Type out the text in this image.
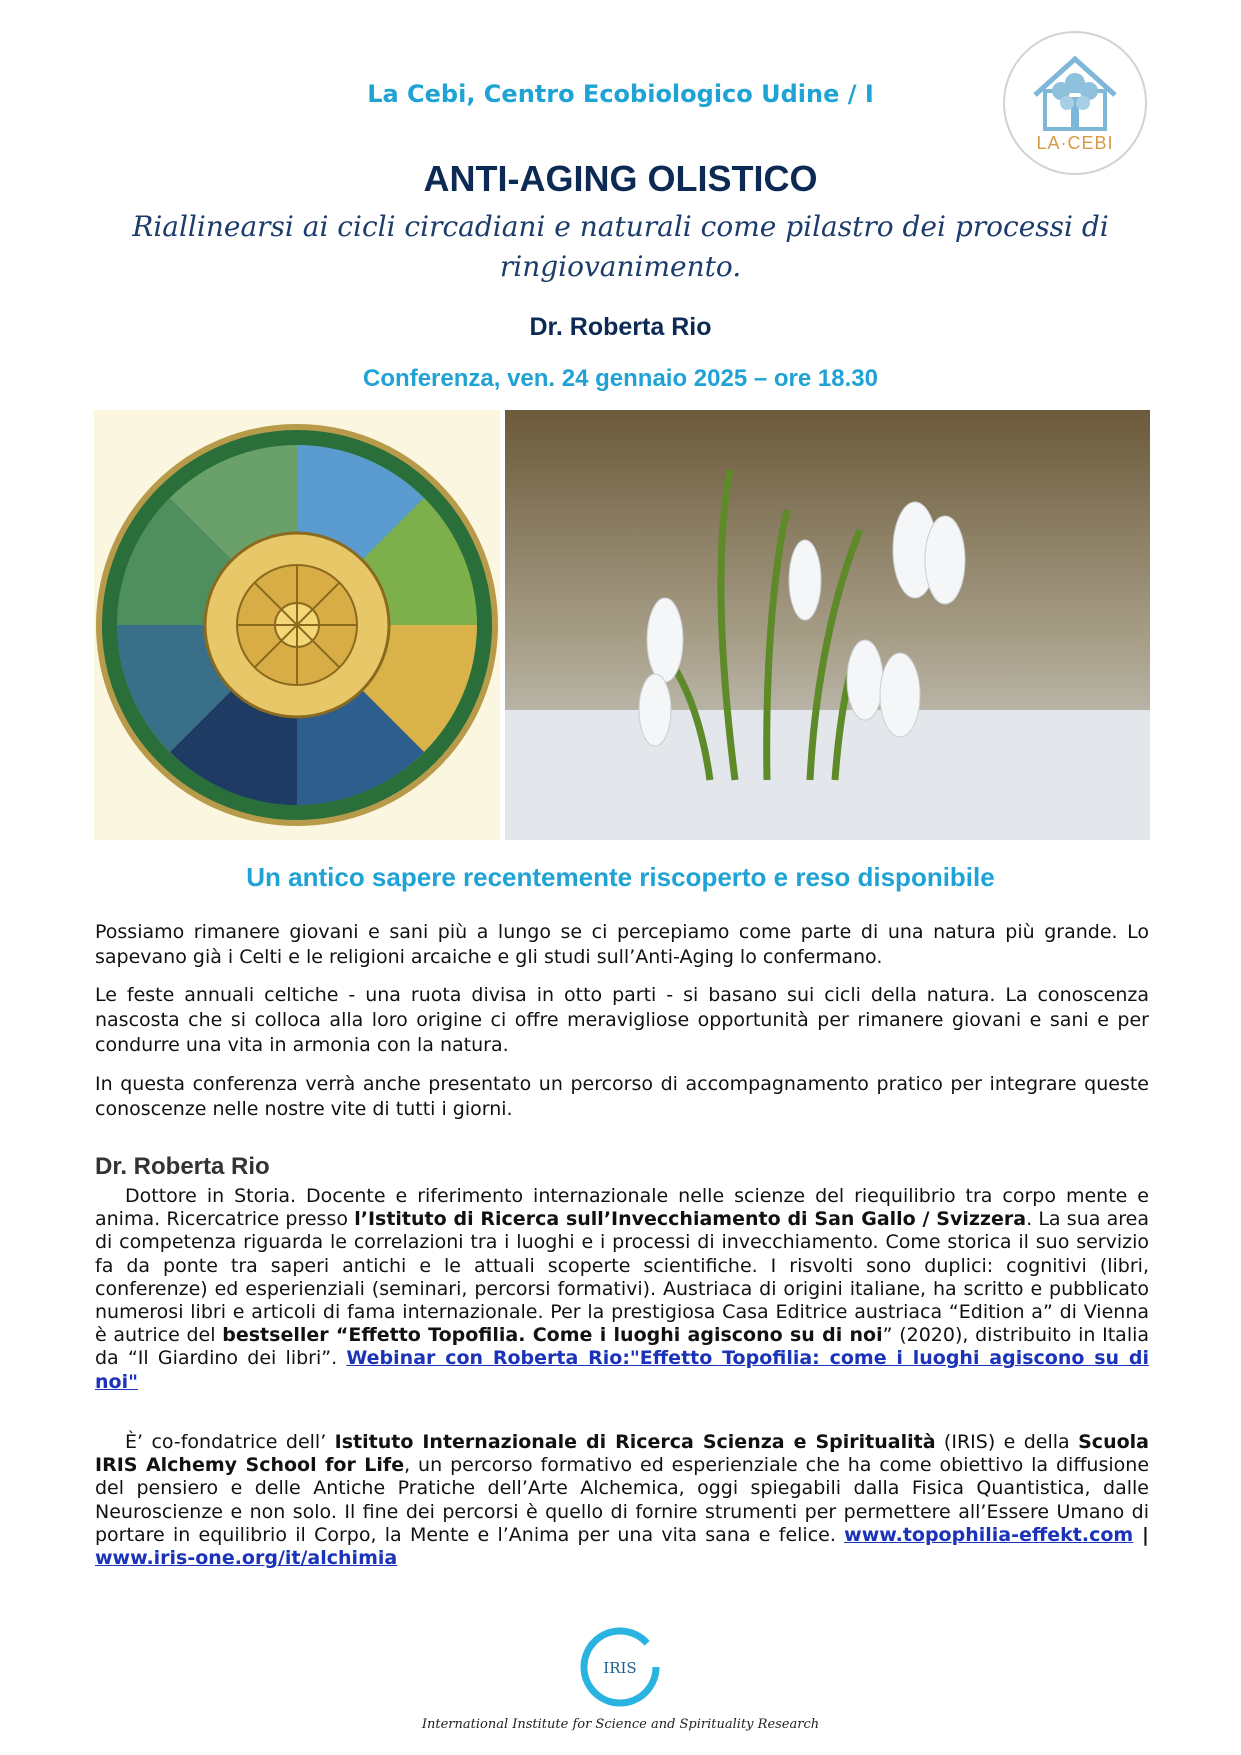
La Cebi, Centro Ecobiologico Udine / I
LA·CEBI
ANTI-AGING OLISTICO
Riallinearsi ai cicli circadiani e naturali come pilastro dei processi di ringiovanimento.
Dr. Roberta Rio
Conferenza, ven. 24 gennaio 2025 – ore 18.30
Un antico sapere recentemente riscoperto e reso disponibile

Possiamo rimanere giovani e sani più a lungo se ci percepiamo come parte di una natura più grande. Lo sapevano già i Celti e le religioni arcaiche e gli studi sull’Anti-Aging lo confermano.

Le feste annuali celtiche - una ruota divisa in otto parti - si basano sui cicli della natura. La conoscenza nascosta che si colloca alla loro origine ci offre meravigliose opportunità per rimanere giovani e sani e per condurre una vita in armonia con la natura.

In questa conferenza verrà anche presentato un percorso di accompagnamento pratico per integrare queste conoscenze nelle nostre vite di tutti i giorni.

Dr. Roberta Rio

Dottore in Storia. Docente e riferimento internazionale nelle scienze del riequilibrio tra corpo mente e anima. Ricercatrice presso l’Istituto di Ricerca sull’Invecchiamento di San Gallo / Svizzera. La sua area di competenza riguarda le correlazioni tra i luoghi e i processi di invecchiamento. Come storica il suo servizio fa da ponte tra saperi antichi e le attuali scoperte scientifiche. I risvolti sono duplici: cognitivi (libri, conferenze) ed esperienziali (seminari, percorsi formativi). Austriaca di origini italiane, ha scritto e pubblicato numerosi libri e articoli di fama internazionale. Per la prestigiosa Casa Editrice austriaca “Edition a” di Vienna è autrice del bestseller “Effetto Topofilia. Come i luoghi agiscono su di noi” (2020), distribuito in Italia da “Il Giardino dei libri”. Webinar con Roberta Rio:"Effetto Topofilia: come i luoghi agiscono su di noi"

È’ co-fondatrice dell’ Istituto Internazionale di Ricerca Scienza e Spiritualità (IRIS) e della Scuola IRIS Alchemy School for Life, un percorso formativo ed esperienziale che ha come obiettivo la diffusione del pensiero e delle Antiche Pratiche dell’Arte Alchemica, oggi spiegabili dalla Fisica Quantistica, dalle Neuroscienze e non solo. Il fine dei percorsi è quello di fornire strumenti per permettere all’Essere Umano di portare in equilibrio il Corpo, la Mente e l’Anima per una vita sana e felice. www.topophilia-effekt.com | www.iris-one.org/it/alchimia

IRIS
International Institute for Science and Spirituality Research
